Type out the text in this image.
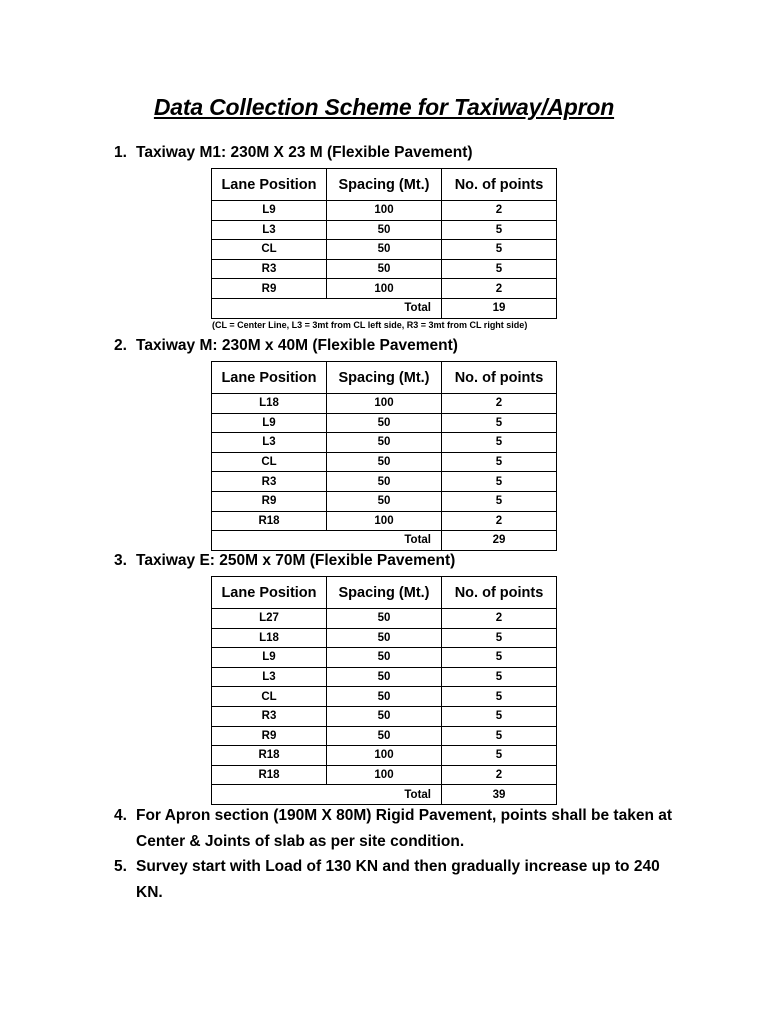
Data Collection Scheme for Taxiway/Apron
1. Taxiway M1: 230M X 23 M (Flexible Pavement)
Lane Position	Spacing (Mt.)	No. of points
L9	100	2
L3	50	5
CL	50	5
R3	50	5
R9	100	2
	Total	19
(CL = Center Line, L3 = 3mt from CL left side, R3 = 3mt from CL right side)
2. Taxiway M: 230M x 40M (Flexible Pavement)
Lane Position	Spacing (Mt.)	No. of points
L18	100	2
L9	50	5
L3	50	5
CL	50	5
R3	50	5
R9	50	5
R18	100	2
	Total	29
3. Taxiway E: 250M x 70M (Flexible Pavement)
Lane Position	Spacing (Mt.)	No. of points
L27	50	2
L18	50	5
L9	50	5
L3	50	5
CL	50	5
R3	50	5
R9	50	5
R18	100	5
R18	100	2
	Total	39
4. For Apron section (190M X 80M) Rigid Pavement, points shall be taken at Center & Joints of slab as per site condition.
5. Survey start with Load of 130 KN and then gradually increase up to 240 KN.
